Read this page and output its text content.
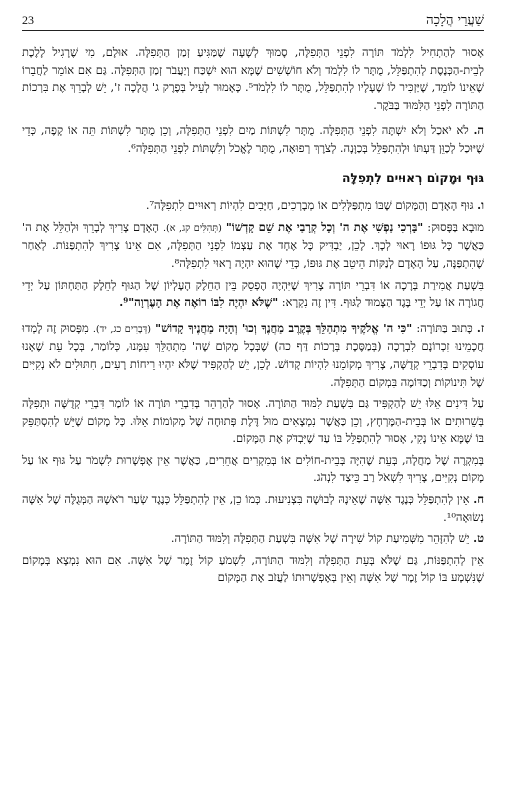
שַׁעֲרֵי הֲלָכָה
23

אָסוּר לְהַתְחִיל לִלְמֹד תּוֹרָה לִפְנֵי הַתְּפִלָּה, סָמוּךְ לְשָׁעָה שֶׁמַּגִּיעַ זְמַן הַתְּפִלָּה. אוּלָם, מִי שֶׁרָגִיל לָלֶכֶת לְבֵית-הַכְּנֶסֶת לְהִתְפַּלֵּל, מֻתָּר לוֹ לִלְמֹד וְלֹא חוֹשְׁשִׁים שֶׁמָּא הוּא יִשְׁכַּח וְיַעֲבֹר זְמַן הַתְּפִלָּה. גַּם אִם אוֹמֵר לַחֲבֵרוֹ שֶׁאֵינוֹ לוֹמֵד, שֶׁיַּזְכִּיר לוֹ שֶׁעָלָיו לְהִתְפַּלֵּל, מֻתָּר לוֹ לִלְמֹד⁵. כָּאָמוּר לְעֵיל בְּפֶרֶק ג' הֲלָכָה ז', יֵשׁ לְבָרֵךְ אֶת בִּרְכוֹת הַתּוֹרָה לִפְנֵי הַלִּמּוּד בַּבֹּקֶר.

ה. לֹא יֹאכַל וְלֹא יִשְׁתֶּה לִפְנֵי הַתְּפִלָּה. מֻתָּר לִשְׁתּוֹת מַיִם לִפְנֵי הַתְּפִלָּה, וְכֵן מֻתָּר לִשְׁתּוֹת תֵּה אוֹ קָפֶה, כְּדֵי שֶׁיּוּכַל לְכַוֵּן דַּעְתּוֹ וּלְהִתְפַּלֵּל בְּכַוָּנָה. לְצֹרֶךְ רְפוּאָה, מֻתָּר לֶאֱכֹל וְלִשְׁתּוֹת לִפְנֵי הַתְּפִלָּה⁶.

גּוּף וּמָקוֹם רְאוּיִים לִתְפִלָּה

ו. גּוּף הָאָדָם וְהַמָּקוֹם שֶׁבּוֹ מִתְפַּלְּלִים אוֹ מְבָרְכִים, חַיָּבִים לִהְיוֹת רְאוּיִים לִתְפִלָּה⁷.

מוּבָא בַּפָּסוּק: "בָּרְכִי נַפְשִׁי אֶת ה' וְכָל קְרָבַי אֶת שֵׁם קָדְשׁוֹ" (תְּהִלִּים קג, א). הָאָדָם צָרִיךְ לְבָרֵךְ וּלְהַלֵּל אֶת ה' כַּאֲשֶׁר כָּל גּוּפוֹ רָאוּי לְכָךְ. לָכֵן, יַבְדִּיק כָּל אֶחָד אֶת עַצְמוֹ לִפְנֵי הַתְּפִלָּה, אִם אֵינוֹ צָרִיךְ לְהִתְפַּנּוֹת. לְאַחַר שֶׁהִתְפַּנָּה, עַל הָאָדָם לְנַקּוֹת הֵיטֵב אֶת גּוּפוֹ, כְּדֵי שֶׁהוּא יִהְיֶה רָאוּי לִתְפִלָּה⁸.

בִּשְׁעַת אֲמִירַת בְּרָכָה אוֹ דִּבְרֵי תּוֹרָה צָרִיךְ שֶׁיִּהְיֶה הֶפְסֵק בֵּין הַחֵלֶק הָעֶלְיוֹן שֶׁל הַגּוּף לְחֵלֶק הַתַּחְתּוֹן עַל יְדֵי חֲגוֹרָה אוֹ עַל יְדֵי בֶּגֶד הַצָּמוּד לַגּוּף. דִּין זֶה נִקְרָא: "שֶׁלֹּא יִהְיֶה לִבּוֹ רוֹאֶה אֶת הָעֶרְוָה"⁹.

ז. כָּתוּב בַּתּוֹרָה: "כִּי ה' אֱלֹקֶיךָ מִתְהַלֵּךְ בְּקֶרֶב מַחֲנֶךָ וְכוּ' וְהָיָה מַחֲנֶיךָ קָדוֹשׁ" (דְּבָרִים כג, יד). מִפָּסוּק זֶה לָמְדוּ חֲכָמֵינוּ זִכְרוֹנָם לִבְרָכָה (בְּמַסֶּכֶת בְּרָכוֹת דַּף כה) שֶׁבְּכָל מָקוֹם שֶׁה' מִתְהַלֵּךְ עִמָּנוּ, כְּלוֹמַר, בְּכָל עֵת שֶׁאָנוּ עוֹסְקִים בְּדִבְרֵי קְדֻשָּׁה, צָרִיךְ מְקוֹמֵנוּ לִהְיוֹת קָדוֹשׁ. לָכֵן, יֵשׁ לְהַקְפִּיד שֶׁלֹּא יִהְיוּ רֵיחוֹת רָעִים, חִתּוּלִים לֹא נְקִיִּים שֶׁל תִּינוֹקוֹת וְכַדּוֹמֶה בִּמְקוֹם הַתְּפִלָּה.

עַל דִּינִים אֵלּוּ יֵשׁ לְהַקְפִּיד גַּם בִּשְׁעַת לִמּוּד הַתּוֹרָה. אָסוּר לְהַרְהֵר בְּדִבְרֵי תּוֹרָה אוֹ לוֹמַר דִּבְרֵי קְדֻשָּׁה וּתְפִלָּה בְּשֵׁרוּתִים אוֹ בְּבֵית-הַמֶּרְחָץ, וְכֵן כַּאֲשֶׁר נִמְצָאִים מוּל דֶּלֶת פְּתוּחָה שֶׁל מְקוֹמוֹת אֵלּוּ. כָּל מָקוֹם שֶׁיֵּשׁ לְהִסְתַּפֵּק בּוֹ שֶׁמָּא אֵינוֹ נָקִי, אָסוּר לְהִתְפַּלֵּל בּוֹ עַד שֶׁיִּבְדֹּק אֶת הַמָּקוֹם.

בְּמִקְרֶה שֶׁל מַחֲלָה, בְּעֵת שֶׁהִיָּה בְּבֵית-חוֹלִים אוֹ בְּמִקְרִים אֲחֵרִים, כַּאֲשֶׁר אֵין אֶפְשָׁרוּת לִשְׁמֹר עַל גּוּף אוֹ עַל מָקוֹם נְקִיִּים, צָרִיךְ לִשְׁאֹל רַב כֵּיצַד לִנְהֹג.

ח. אֵין לְהִתְפַּלֵּל כְּנֶגֶד אִשָּׁה שֶׁאֵינָהּ לְבוּשָׁה בִּצְנִיעוּת. כְּמוֹ כֵן, אֵין לְהִתְפַּלֵּל כְּנֶגֶד שְׂעַר רֹאשָׁהּ הַמְּגֻלֶּה שֶׁל אִשָּׁה נְשׂוּאָה¹⁰.

ט. יֵשׁ לְהִזָּהֵר מִשְּׁמִיעַת קוֹל שִׁירָה שֶׁל אִשָּׁה בִּשְׁעַת הַתְּפִלָּה וְלִמּוּד הַתּוֹרָה.

אֵין לְהִתְפַּנּוֹת, גַּם שֶׁלֹּא בְּעֵת הַתְּפִלָּה וְלִמּוּד הַתּוֹרָה, לִשְׁמֹעַ קוֹל זֶמֶר שֶׁל אִשָּׁה. אִם הוּא נִמְצָא בְּמָקוֹם שֶׁנִּשְׁמָע בּוֹ קוֹל זֶמֶר שֶׁל אִשָּׁה וְאֵין בְּאֶפְשָׁרוּתוֹ לַעֲזֹב אֶת הַמָּקוֹם
